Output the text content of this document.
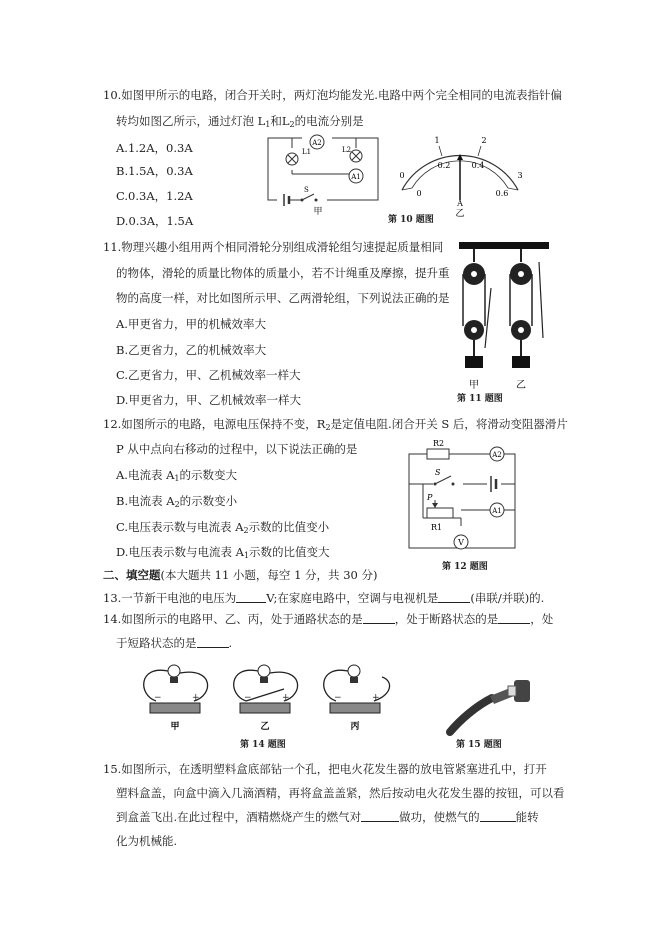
10.如图甲所示的电路，闭合开关时，两灯泡均能发光.电路中两个完全相同的电流表指针偏
转均如图乙所示，通过灯泡 $L_1$和$L_2$的电流分别是
A.1.2A，0.3A
B.1.5A，0.3A
C.0.3A，1.2A
D.0.3A，1.5A
A2
L1	L2
A1
S
甲
0
1	2
3
0
0.2	0.4
0.6
A
乙
第 10 题图
11.物理兴趣小组用两个相同滑轮分别组成滑轮组匀速提起质量相同
的物体，滑轮的质量比物体的质量小，若不计绳重及摩擦，提升重
物的高度一样，对比如图所示甲、乙两滑轮组，下列说法正确的是
A.甲更省力，甲的机械效率大
B.乙更省力，乙的机械效率大
C.乙更省力，甲、乙机械效率一样大
D.甲更省力，甲、乙机械效率一样大
甲	乙
第 11 题图
12.如图所示的电路，电源电压保持不变，$R_2$是定值电阻.闭合开关 S 后，将滑动变阻器滑片
P 从中点向右移动的过程中，以下说法正确的是
A.电流表 $A_1$的示数变大
B.电流表 $A_2$的示数变小
C.电压表示数与电流表 $A_2$示数的比值变小
D.电压表示数与电流表 $A_1$示数的比值变大
R2
A2
S
P
R1
A1
V
第 12 题图
二、填空题(本大题共 11 小题，每空 1 分，共 30 分)
13.一节新干电池的电压为	V;在家庭电路中，空调与电视机是	(串联/并联)的.
14.如图所示的电路甲、乙、丙，处于通路状态的是	，处于断路状态的是	，处
于短路状态的是	.
−	+
甲
−	+
乙
−	+
丙
第 14 题图	第 15 题图
15.如图所示，在透明塑料盒底部钻一个孔，把电火花发生器的放电管紧塞进孔中，打开
塑料盒盖，向盒中滴入几滴酒精，再将盒盖盖紧，然后按动电火花发生器的按钮，可以看
到盒盖飞出.在此过程中，酒精燃烧产生的燃气对	做功，使燃气的	能转
化为机械能.
